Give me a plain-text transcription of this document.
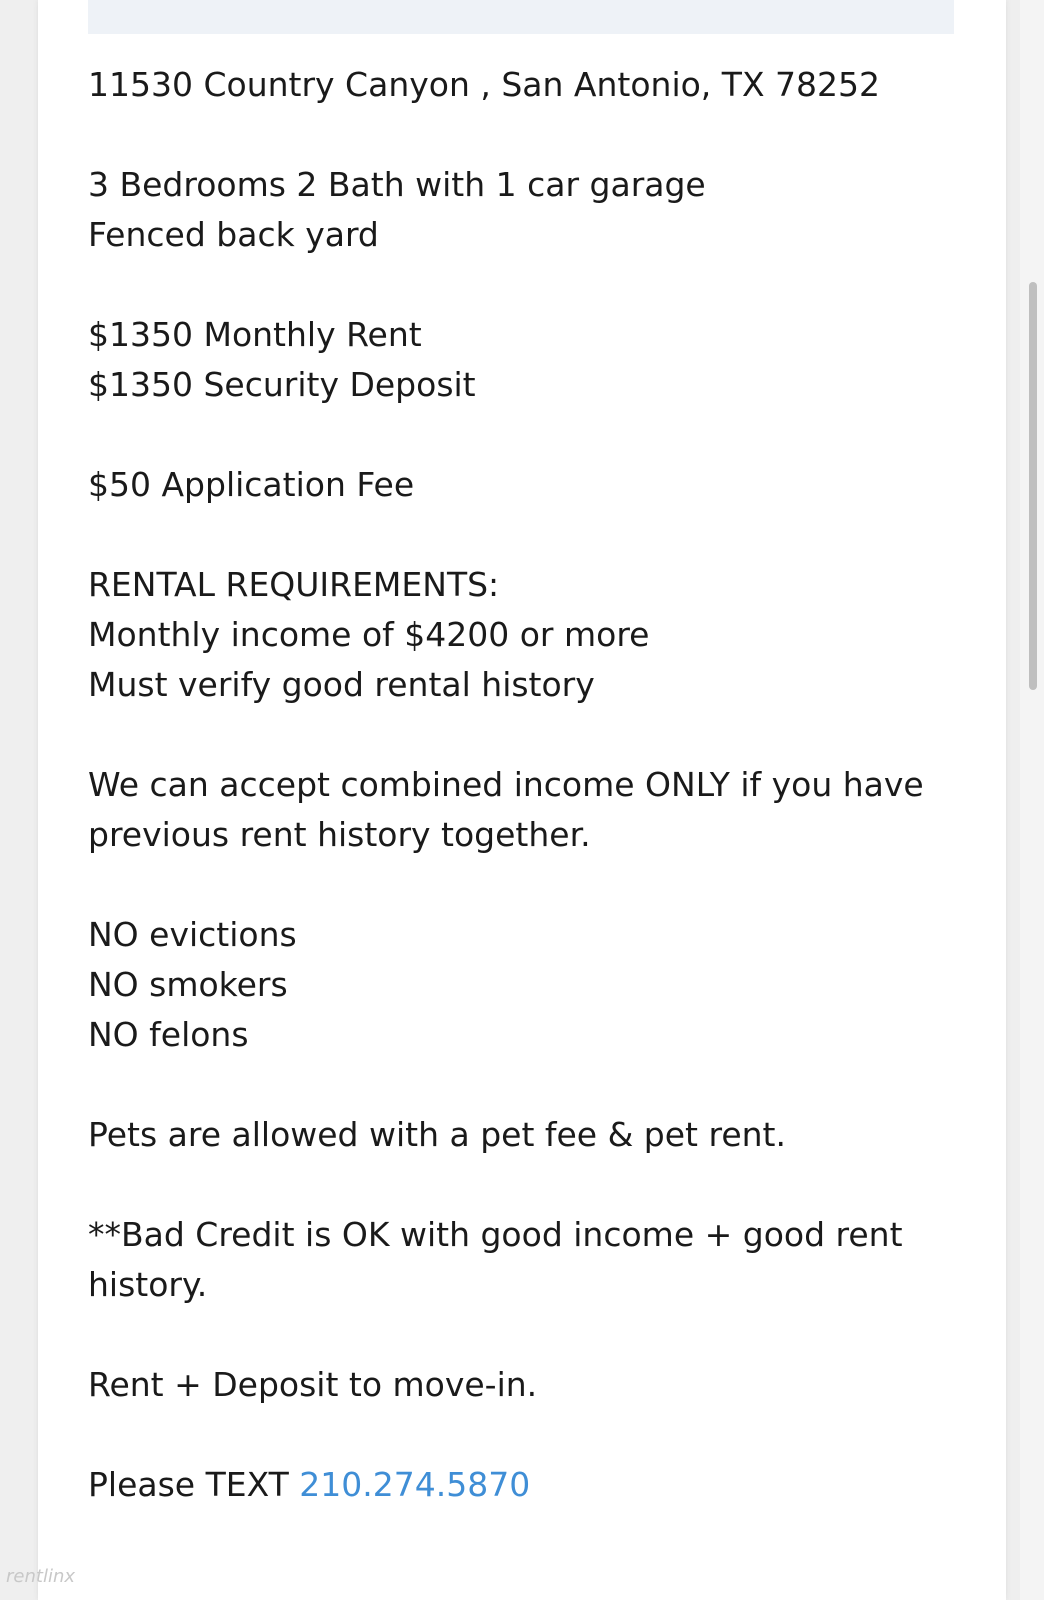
11530 Country Canyon , San Antonio, TX 78252
3 Bedrooms 2 Bath with 1 car garage
Fenced back yard
$1350 Monthly Rent
$1350 Security Deposit
$50 Application Fee
RENTAL REQUIREMENTS:
Monthly income of $4200 or more
Must verify good rental history
We can accept combined income ONLY if you have
previous rent history together.
NO evictions
NO smokers
NO felons
Pets are allowed with a pet fee & pet rent.
**Bad Credit is OK with good income + good rent
history.
Rent + Deposit to move-in.
Please TEXT 210.274.5870
rentlinx
